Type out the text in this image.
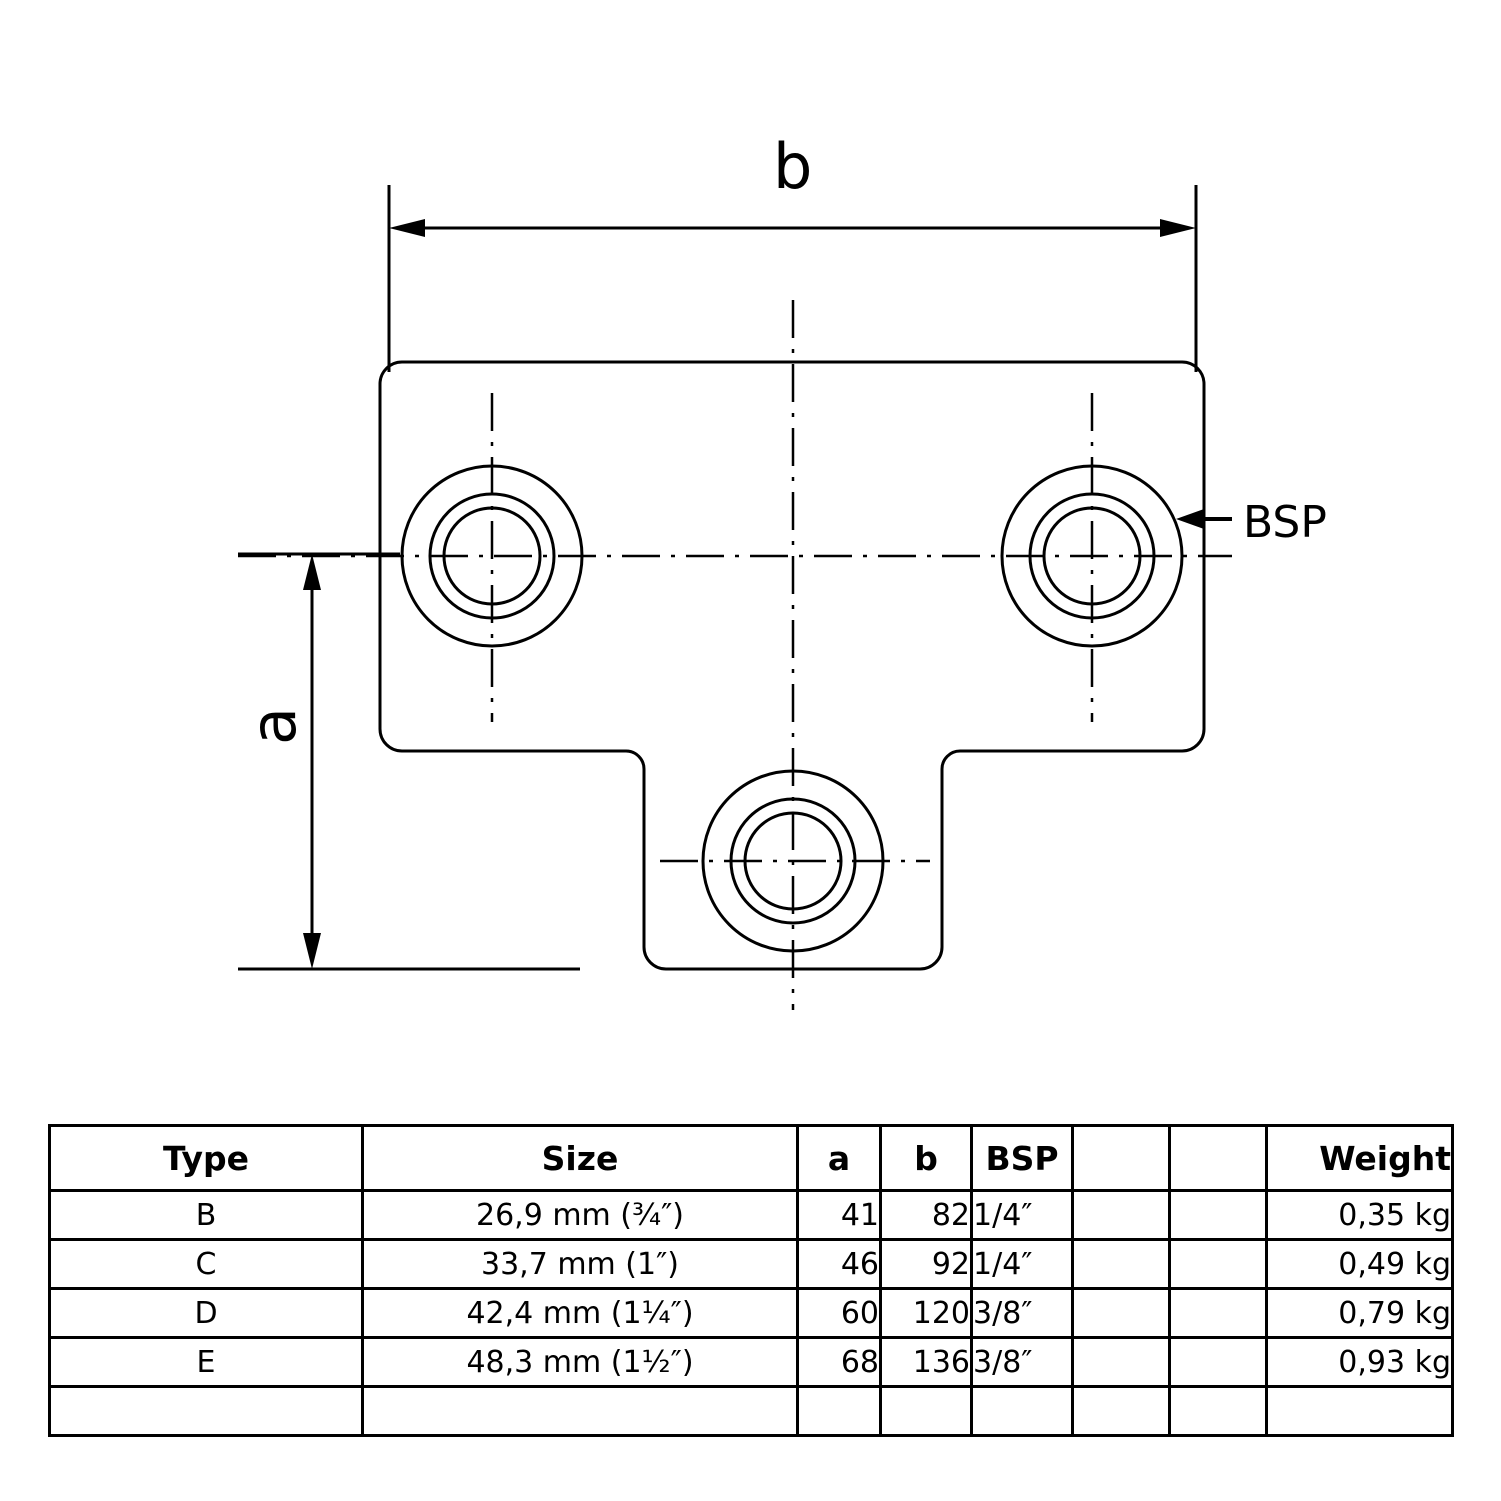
b
a
BSP
Type	Size	a	b	BSP			Weight
B	26,9 mm (¾″)	41	82	1/4″			0,35 kg
C	33,7 mm (1″)	46	92	1/4″			0,49 kg
D	42,4 mm (1¼″)	60	120	3/8″			0,79 kg
E	48,3 mm (1½″)	68	136	3/8″			0,93 kg
